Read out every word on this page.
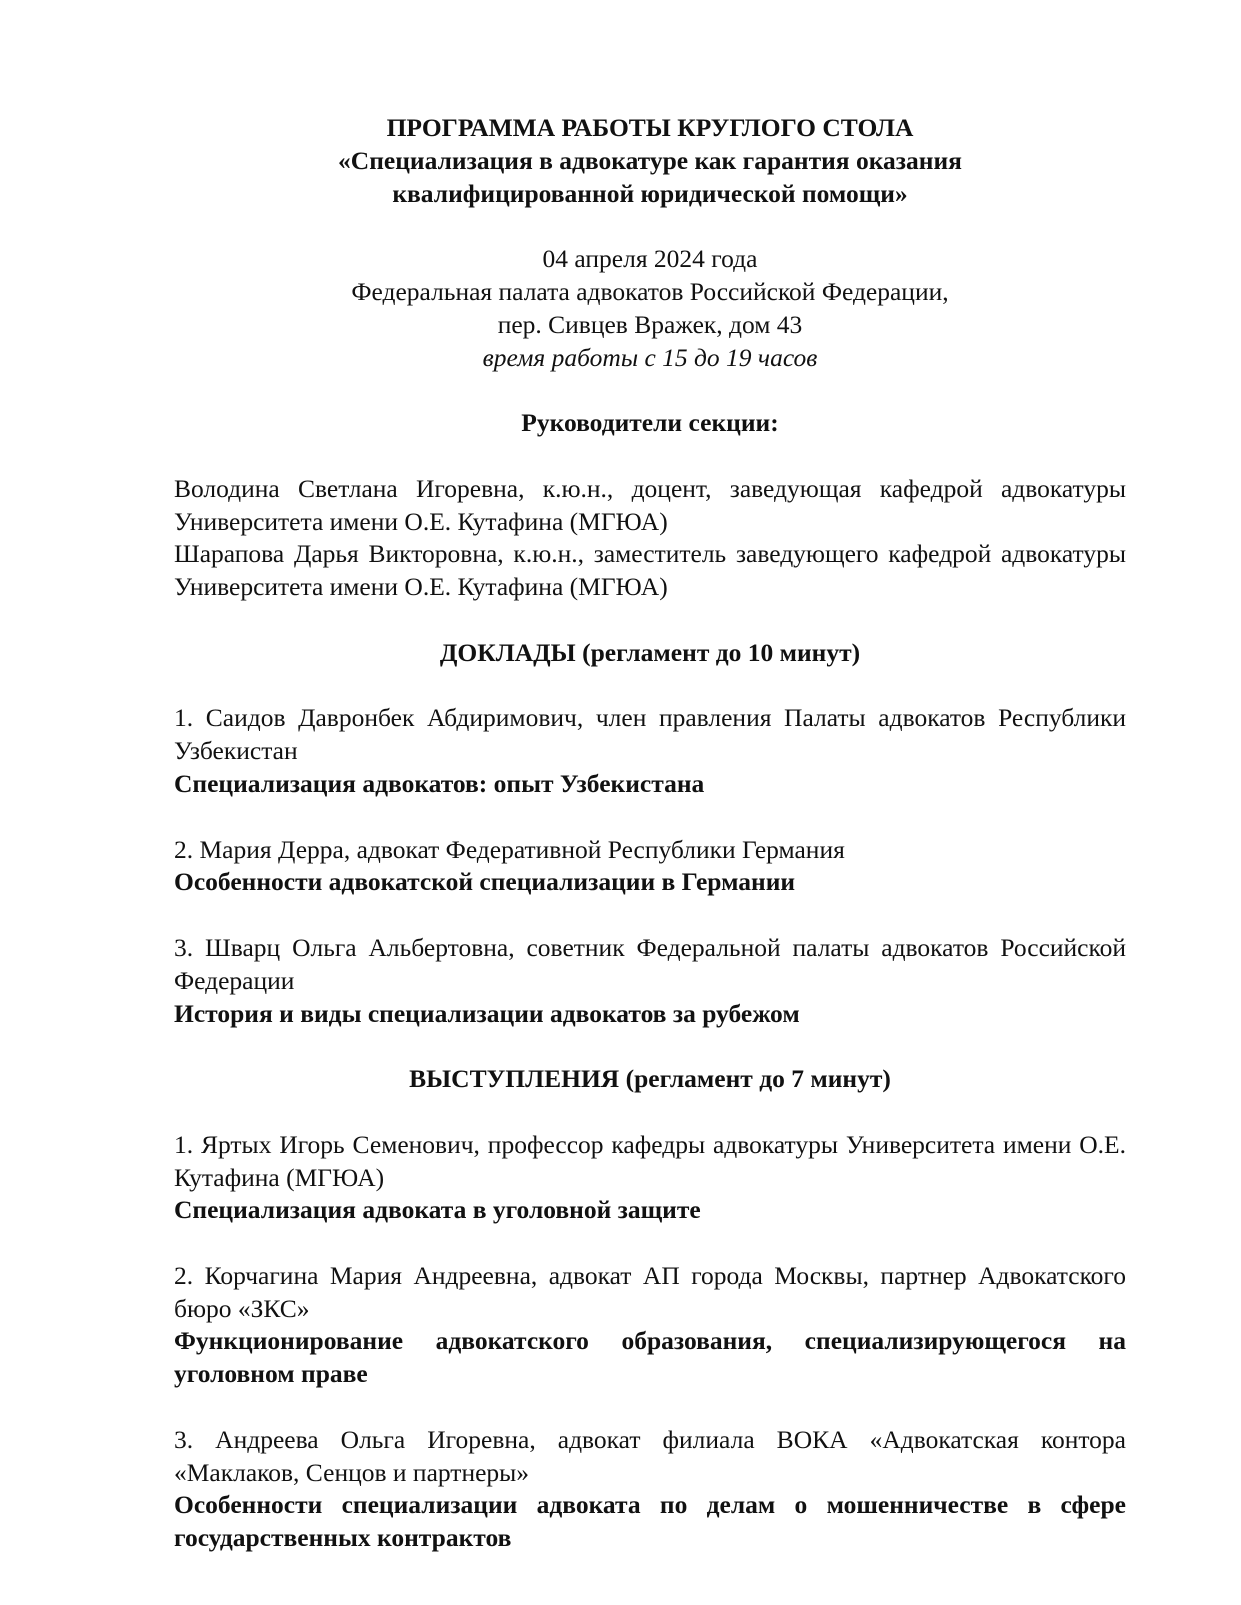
ПРОГРАММА РАБОТЫ КРУГЛОГО СТОЛА

«Специализация в адвокатуре как гарантия оказания

квалифицированной юридической помощи»

04 апреля 2024 года

Федеральная палата адвокатов Российской Федерации,

пер. Сивцев Вражек, дом 43

время работы с 15 до 19 часов

Руководители секции:

Володина Светлана Игоревна, к.ю.н., доцент, заведующая кафедрой адвокатуры Университета имени О.Е. Кутафина (МГЮА)

Шарапова Дарья Викторовна, к.ю.н., заместитель заведующего кафедрой адвокатуры Университета имени О.Е. Кутафина (МГЮА)

ДОКЛАДЫ (регламент до 10 минут)

1. Саидов Давронбек Абдиримович, член правления Палаты адвокатов Республики Узбекистан

Специализация адвокатов: опыт Узбекистана

2. Мария Дерра, адвокат Федеративной Республики Германия

Особенности адвокатской специализации в Германии

3. Шварц Ольга Альбертовна, советник Федеральной палаты адвокатов Российской Федерации

История и виды специализации адвокатов за рубежом

ВЫСТУПЛЕНИЯ (регламент до 7 минут)

1. Яртых Игорь Семенович, профессор кафедры адвокатуры Университета имени О.Е. Кутафина (МГЮА)

Специализация адвоката в уголовной защите

2. Корчагина Мария Андреевна, адвокат АП города Москвы, партнер Адвокатского бюро «ЗКС»

Функционирование адвокатского образования, специализирующегося на уголовном праве

3. Андреева Ольга Игоревна, адвокат филиала ВОКА «Адвокатская контора «Маклаков, Сенцов и партнеры»

Особенности специализации адвоката по делам о мошенничестве в сфере государственных контрактов
